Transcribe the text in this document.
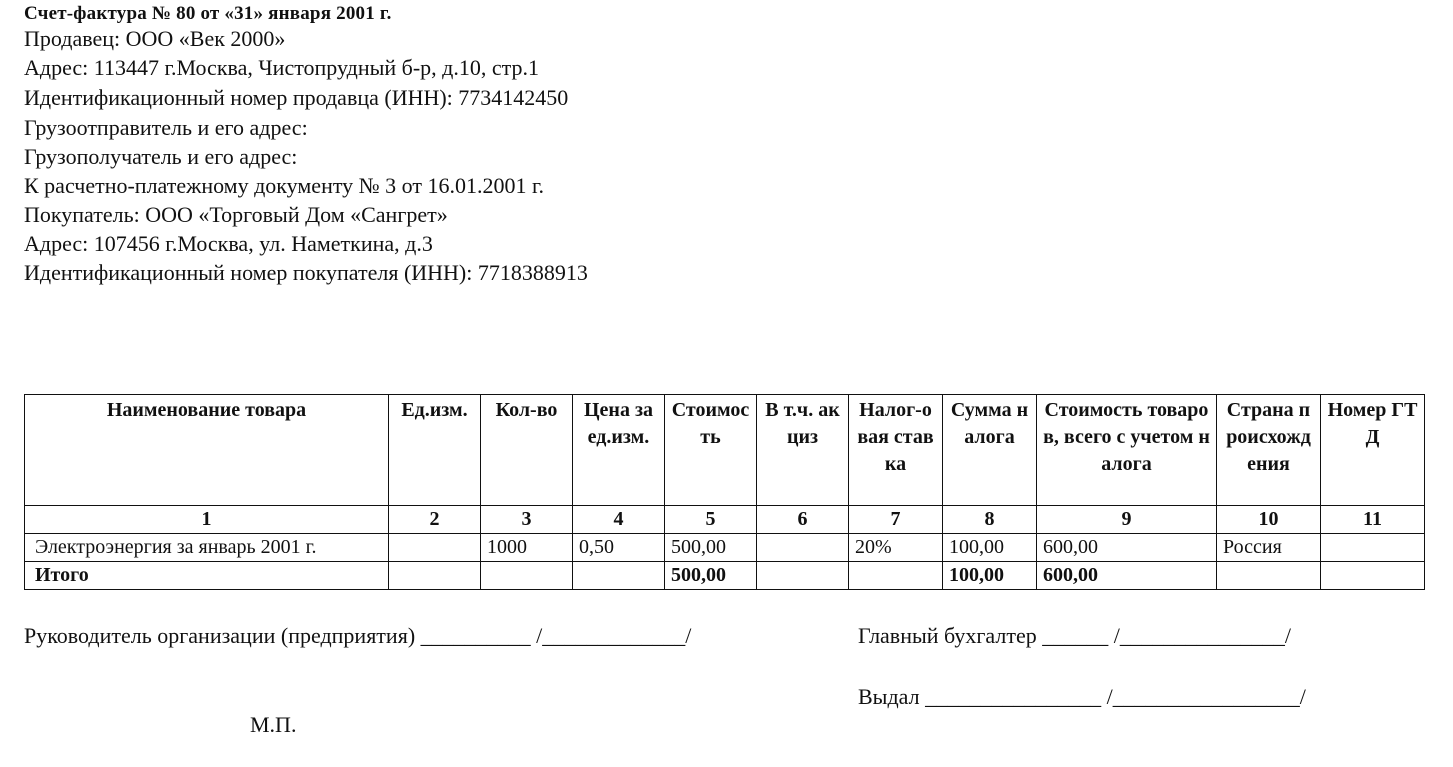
Счет-фактура № 80 от «31» января 2001 г.
Продавец: ООО «Век 2000»
Адрес: 113447 г.Москва, Чистопрудный б-р, д.10, стр.1
Идентификационный номер продавца (ИНН): 7734142450
Грузоотправитель и его адрес:
Грузополучатель и его адрес:
К расчетно-платежному документу № 3 от 16.01.2001 г.
Покупатель: ООО «Торговый Дом «Сангрет»
Адрес: 107456 г.Москва, ул. Наметкина, д.3
Идентификационный номер покупателя (ИНН): 7718388913
Наименование товара	Ед.изм.	Кол-во	Цена за ед.изм.	Стоимость	В т.ч. акциз	Налог-овая ставка	Сумма налога	Стоимость товаров, всего с учетом налога	Страна происхождения	Номер ГТД
1	2	3	4	5	6	7	8	9	10	11
Электроэнергия за январь 2001 г.		1000	0,50	500,00		20%	100,00	600,00	Россия	
Итого				500,00			100,00	600,00		
Руководитель организации (предприятия) __________ /_____________/	Главный бухгалтер ______ /_______________/
Выдал ________________ /_________________/
М.П.
